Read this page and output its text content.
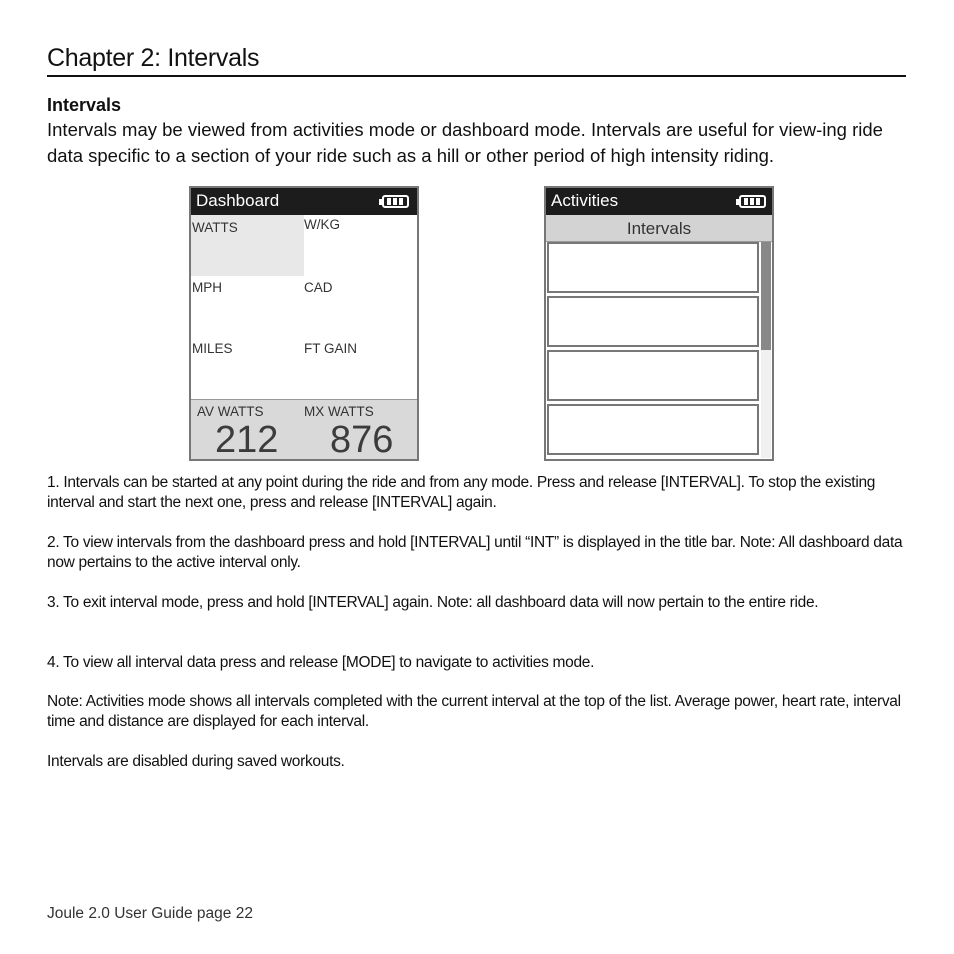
Chapter 2: Intervals
Intervals

Intervals may be viewed from activities mode or dashboard mode. Intervals are useful for view-ing ride data specific to a section of your ride such as a hill or other period of high intensity riding.

Dashboard
WATTS	W/KG
MPH	CAD
MILES	FT GAIN
AV WATTS	MX WATTS
212 876
Activities
Intervals

1. Intervals can be started at any point during the ride and from any mode. Press and release [INTERVAL]. To stop the existing interval and start the next one, press and release [INTERVAL] again.

2. To view intervals from the dashboard press and hold [INTERVAL] until “INT” is displayed in the title bar. Note: All dashboard data now pertains to the active interval only.

3. To exit interval mode, press and hold [INTERVAL] again. Note: all dashboard data will now pertain to the entire ride.

4. To view all interval data press and release [MODE] to navigate to activities mode.

Note: Activities mode shows all intervals completed with the current interval at the top of the list. Average power, heart rate, interval time and distance are displayed for each interval.

Intervals are disabled during saved workouts.

Joule 2.0 User Guide page 22
